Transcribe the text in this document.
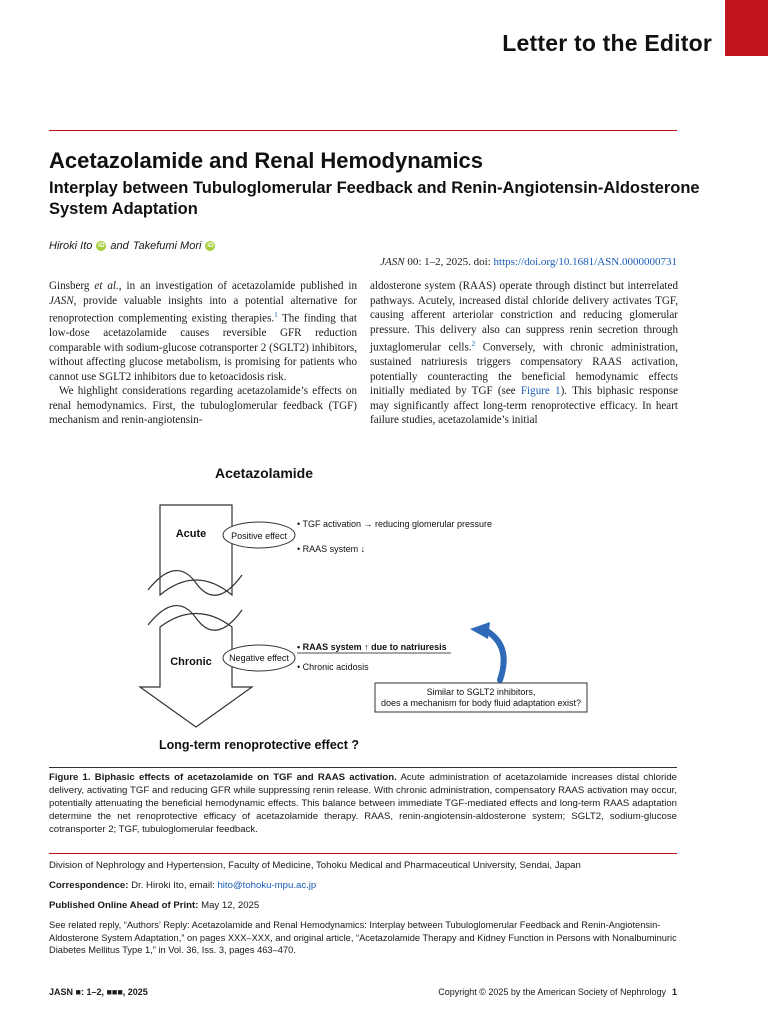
Letter to the Editor
Acetazolamide and Renal Hemodynamics
Interplay between Tubuloglomerular Feedback and Renin-Angiotensin-Aldosterone System Adaptation
Hiroki Ito iD and Takefumi Mori iD
JASN 00: 1–2, 2025. doi: https://doi.org/10.1681/ASN.0000000731

Ginsberg et al., in an investigation of acetazolamide published in JASN, provide valuable insights into a potential alternative for renoprotection complementing existing therapies.$^1$ The finding that low-dose acetazolamide causes reversible GFR reduction comparable with sodium-glucose cotransporter 2 (SGLT2) inhibitors, without affecting glucose metabolism, is promising for patients who cannot use SGLT2 inhibitors due to ketoacidosis risk.

We highlight considerations regarding acetazolamide’s effects on renal hemodynamics. First, the tubuloglomerular feedback (TGF) mechanism and renin-angiotensin-

aldosterone system (RAAS) operate through distinct but interrelated pathways. Acutely, increased distal chloride delivery activates TGF, causing afferent arteriolar constriction and reducing glomerular pressure. This delivery also can suppress renin secretion through juxtaglomerular cells.$^2$ Conversely, with chronic administration, sustained natriuresis triggers compensatory RAAS activation, potentially counteracting the beneficial hemodynamic effects initially mediated by TGF (see Figure 1). This biphasic response may significantly affect long-term renoprotective efficacy. In heart failure studies, acetazolamide’s initial

Acetazolamide
Acute	Positive effect
• TGF activation → reducing glomerular pressure
• RAAS system ↓
Chronic Negative effect
• RAAS system ↑ due to natriuresis
• Chronic acidosis
Similar to SGLT2 inhibitors,
does a mechanism for body fluid adaptation exist?
Long-term renoprotective effect ?
Figure 1. Biphasic effects of acetazolamide on TGF and RAAS activation. Acute administration of acetazolamide increases distal chloride delivery, activating TGF and reducing GFR while suppressing renin release. With chronic administration, compensatory RAAS activation may occur, potentially attenuating the beneficial hemodynamic effects. This balance between immediate TGF-mediated effects and long-term RAAS adaptation determine the net renoprotective efficacy of acetazolamide therapy. RAAS, renin-angiotensin-aldosterone system; SGLT2, sodium-glucose cotransporter 2; TGF, tubuloglomerular feedback.
Division of Nephrology and Hypertension, Faculty of Medicine, Tohoku Medical and Pharmaceutical University, Sendai, Japan
Correspondence: Dr. Hiroki Ito, email: hito@tohoku-mpu.ac.jp
Published Online Ahead of Print: May 12, 2025
See related reply, “Authors’ Reply: Acetazolamide and Renal Hemodynamics: Interplay between Tubuloglomerular Feedback and Renin-Angiotensin-Aldosterone System Adaptation,” on pages XXX–XXX, and original article, “Acetazolamide Therapy and Kidney Function in Persons with Nonalbuminuric Diabetes Mellitus Type 1,” in Vol. 36, Iss. 3, pages 463–470.
JASN ■: 1–2, ■■■, 2025	Copyright © 2025 by the American Society of Nephrology 1
